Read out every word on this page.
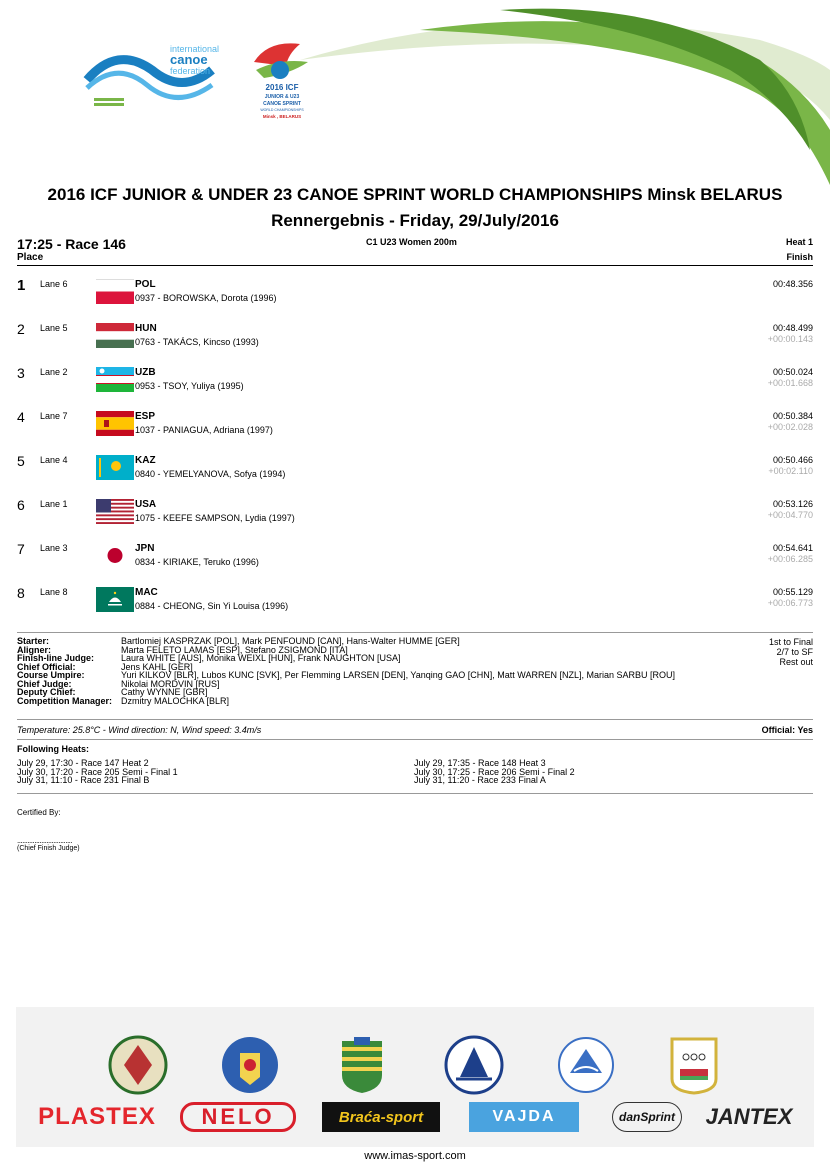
international
canoe
federation
2016 ICF
JUNIOR & U23
CANOE SPRINT
WORLD CHAMPIONSHIPS
Minsk , BELARUS
2016 ICF JUNIOR & UNDER 23 CANOE SPRINT WORLD CHAMPIONSHIPS Minsk BELARUS
Rennergebnis - Friday, 29/July/2016
17:25 - Race 146
Place
C1 U23 Women 200m	Heat 1
Finish
1 Lane 6	POL
0937 - BOROWSKA, Dorota (1996)
00:48.356
2 Lane 5	HUN
0763 - TAKÁCS, Kincso (1993)
00:48.499
+00:00.143
3 Lane 2	UZB
0953 - TSOY, Yuliya (1995)
00:50.024
+00:01.668
4 Lane 7	ESP
1037 - PANIAGUA, Adriana (1997)
00:50.384
+00:02.028
5 Lane 4	KAZ
0840 - YEMELYANOVA, Sofya (1994)
00:50.466
+00:02.110
6 Lane 1	USA
1075 - KEEFE SAMPSON, Lydia (1997)
00:53.126
+00:04.770
7 Lane 3	JPN
0834 - KIRIAKE, Teruko (1996)
00:54.641
+00:06.285
8 Lane 8	MAC
0884 - CHEONG, Sin Yi Louisa (1996)
00:55.129
+00:06.773
Starter:	Bartlomiej KASPRZAK [POL], Mark PENFOUND [CAN], Hans-Walter HUMME [GER]
Aligner:	Marta FELETO LAMAS [ESP], Stefano ZSIGMOND [ITA]
Finish-line Judge:	Laura WHITE [AUS], Monika WEIXL [HUN], Frank NAUGHTON [USA]
Chief Official:	Jens KAHL [GER]
Course Umpire:	Yuri KILKOV [BLR], Lubos KUNC [SVK], Per Flemming LARSEN [DEN], Yanqing GAO [CHN], Matt WARREN [NZL], Marian SARBU [ROU]
Chief Judge:	Nikolai MORDVIN [RUS]
Deputy Chief:	Cathy WYNNE [GBR]
Competition Manager: Dzmitry MALOCHKA [BLR]
1st to Final
2/7 to SF
Rest out
Temperature: 25.8°C - Wind direction: N, Wind speed: 3.4m/s	Official: Yes
Following Heats:
July 29, 17:30 - Race 147 Heat 2
July 30, 17:20 - Race 205 Semi - Final 1
July 31, 11:10 - Race 231 Final B
July 29, 17:35 - Race 148 Heat 3
July 30, 17:25 - Race 206 Semi - Final 2
July 31, 11:20 - Race 233 Final A
Certified By:
................................
(Chief Finish Judge)
PLASTEX	NELO	Braća-sport	VAJDA	danSprint	JANTEX
www.imas-sport.com
